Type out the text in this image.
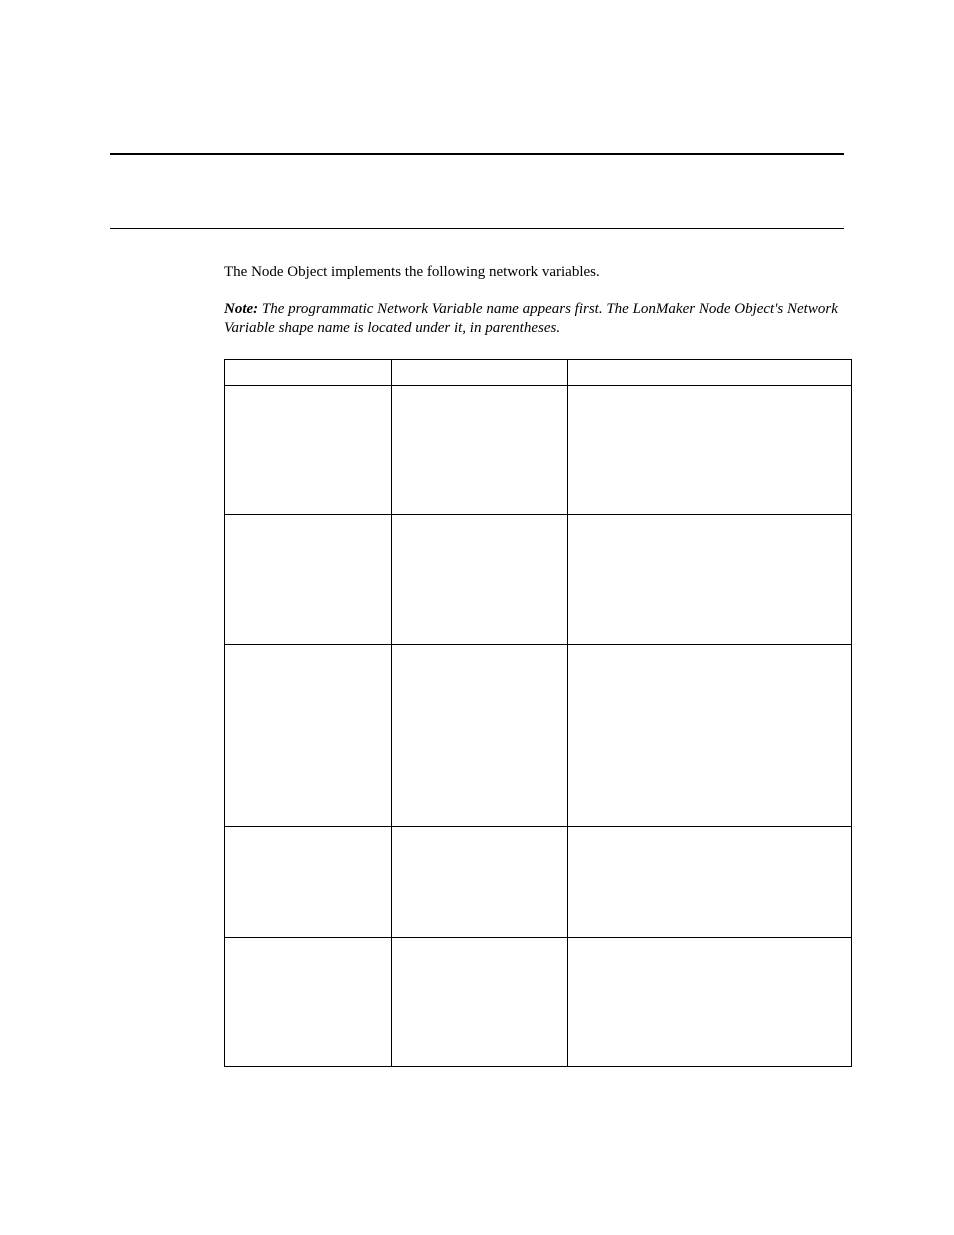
The Node Object implements the following network variables.

Note: The programmatic Network Variable name appears first. The LonMaker Node Object's Network Variable shape name is located under it, in parentheses.
